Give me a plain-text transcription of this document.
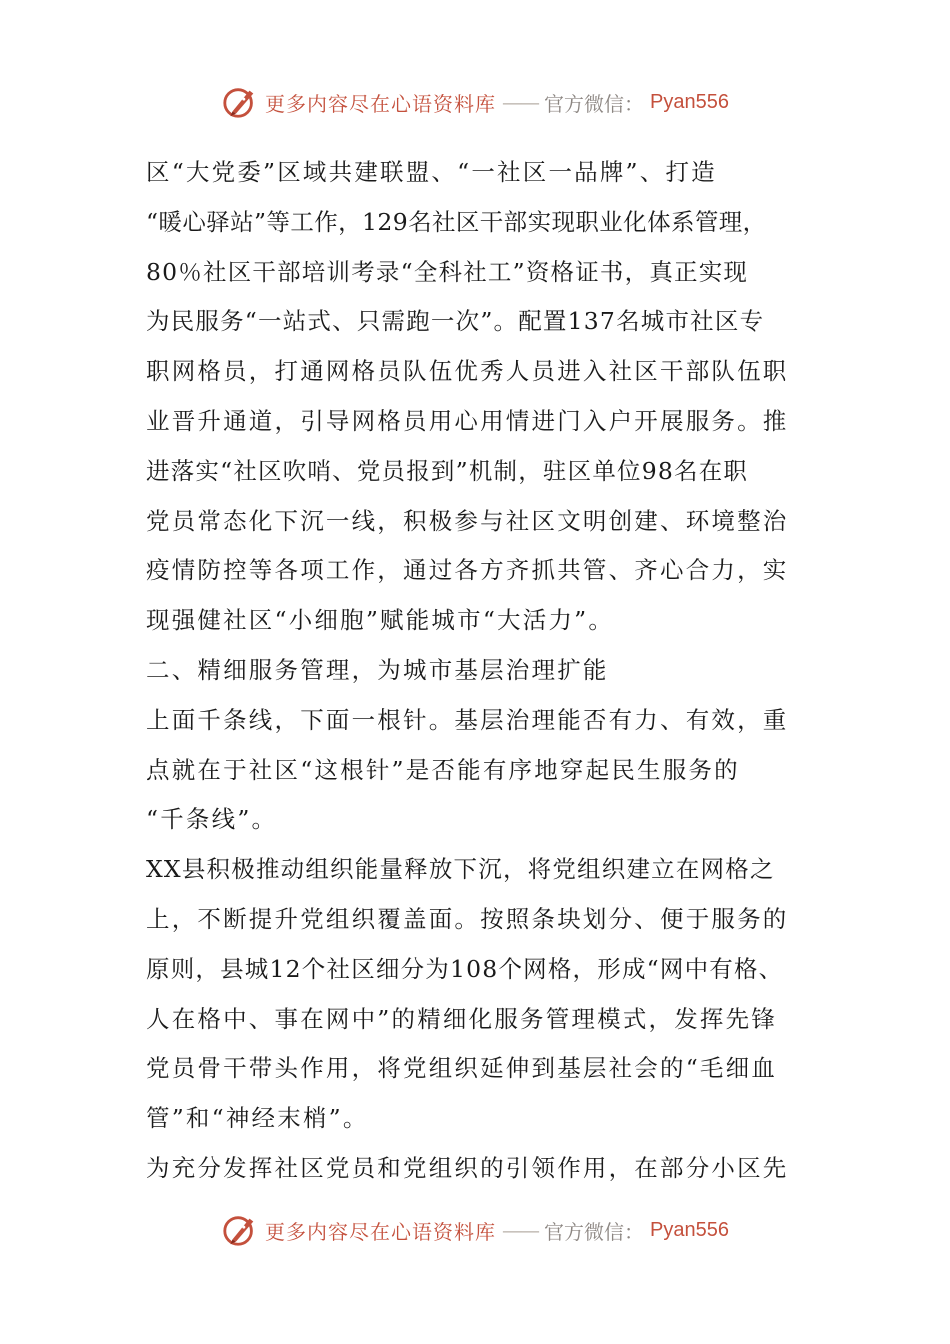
更多内容尽在心语资料库 —— 官方微信： Pyan556
区“大党委”区域共建联盟、“一社区一品牌”、打造
“暖心驿站”等工作，129名社区干部实现职业化体系管理，
80％社区干部培训考录“全科社工”资格证书，真正实现
为民服务“一站式、只需跑一次”。配置137名城市社区专
职网格员，打通网格员队伍优秀人员进入社区干部队伍职
业晋升通道，引导网格员用心用情进门入户开展服务。推
进落实“社区吹哨、党员报到”机制，驻区单位98名在职
党员常态化下沉一线，积极参与社区文明创建、环境整治
疫情防控等各项工作，通过各方齐抓共管、齐心合力，实
现强健社区“小细胞”赋能城市“大活力”。
二、精细服务管理，为城市基层治理扩能
上面千条线，下面一根针。基层治理能否有力、有效，重
点就在于社区“这根针”是否能有序地穿起民生服务的
“千条线”。
XX县积极推动组织能量释放下沉，将党组织建立在网格之
上，不断提升党组织覆盖面。按照条块划分、便于服务的
原则，县城12个社区细分为108个网格，形成“网中有格、
人在格中、事在网中”的精细化服务管理模式，发挥先锋
党员骨干带头作用，将党组织延伸到基层社会的“毛细血
管”和“神经末梢”。
为充分发挥社区党员和党组织的引领作用，在部分小区先
更多内容尽在心语资料库 —— 官方微信： Pyan556
